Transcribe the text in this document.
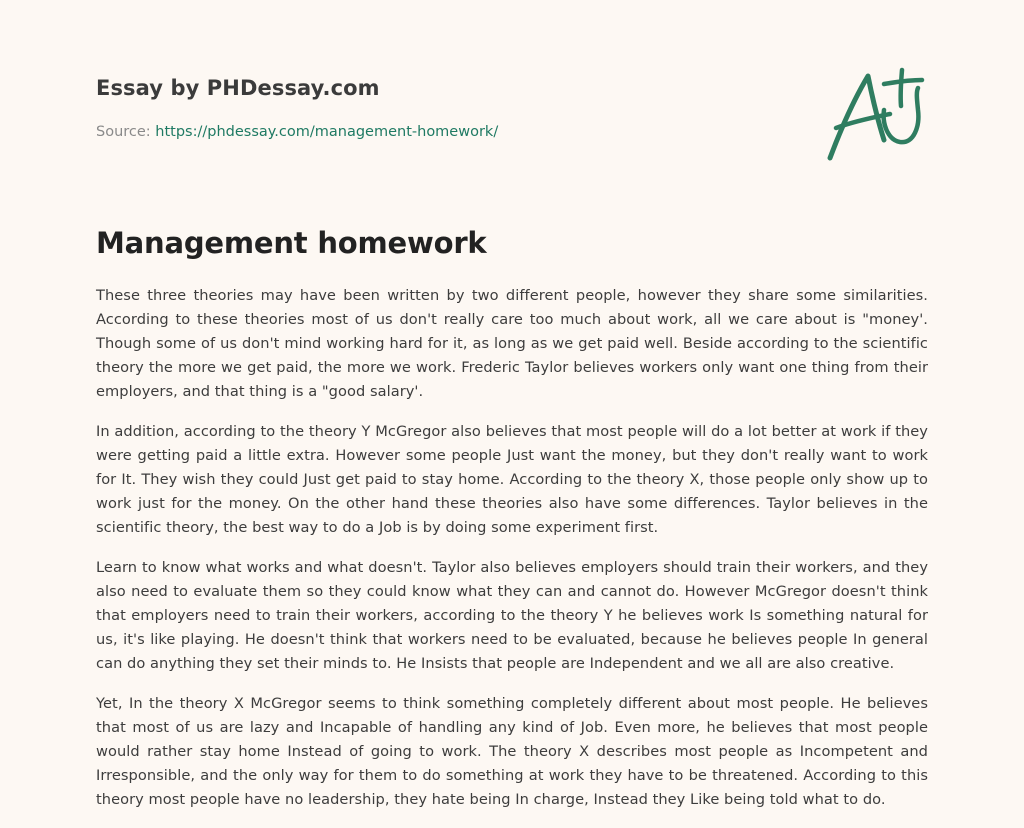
Essay by PHDessay.com
Source: https://phdessay.com/management-homework/
Management homework

These three theories may have been written by two different people, however they share some similarities. According to these theories most of us don't really care too much about work, all we care about is "money'. Though some of us don't mind working hard for it, as long as we get paid well. Beside according to the scientific theory the more we get paid, the more we work. Frederic Taylor believes workers only want one thing from their employers, and that thing is a "good salary'.

In addition, according to the theory Y McGregor also believes that most people will do a lot better at work if they were getting paid a little extra. However some people Just want the money, but they don't really want to work for It. They wish they could Just get paid to stay home. According to the theory X, those people only show up to work just for the money. On the other hand these theories also have some differences. Taylor believes in the scientific theory, the best way to do a Job is by doing some experiment first.

Learn to know what works and what doesn't. Taylor also believes employers should train their workers, and they also need to evaluate them so they could know what they can and cannot do. However McGregor doesn't think that employers need to train their workers, according to the theory Y he believes work Is something natural for us, it's like playing. He doesn't think that workers need to be evaluated, because he believes people In general can do anything they set their minds to. He Insists that people are Independent and we all are also creative.

Yet, In the theory X McGregor seems to think something completely different about most people. He believes that most of us are lazy and Incapable of handling any kind of Job. Even more, he believes that most people would rather stay home Instead of going to work. The theory X describes most people as Incompetent and Irresponsible, and the only way for them to do something at work they have to be threatened. According to this theory most people have no leadership, they hate being In charge, Instead they Like being told what to do.
